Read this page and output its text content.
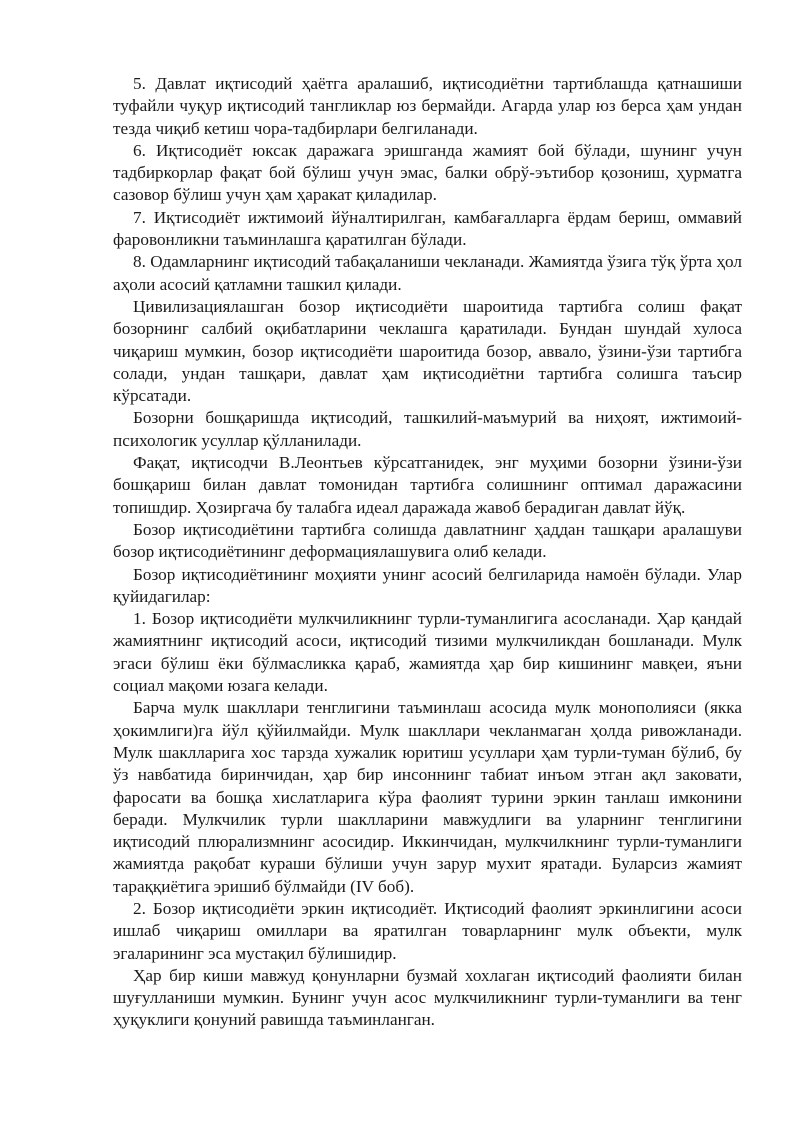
5. Давлат иқтисодий ҳаётга аралашиб, иқтисодиётни тартиблашда қатнашиши туфайли чуқур иқтисодий тангликлар юз бермайди. Агарда улар юз берса ҳам ундан тезда чиқиб кетиш чора-тадбирлари белгиланади.

6. Иқтисодиёт юксак даражага эришганда жамият бой бўлади, шунинг учун тадбиркорлар фақат бой бўлиш учун эмас, балки обрў-эътибор қозониш, ҳурматга сазовор бўлиш учун ҳам ҳаракат қиладилар.

7. Иқтисодиёт ижтимоий йўналтирилган, камбағалларга ёрдам бериш, оммавий фаровонликни таъминлашга қаратилган бўлади.

8. Одамларнинг иқтисодий табақаланиши чекланади. Жамиятда ўзига тўқ ўрта ҳол аҳоли асосий қатламни ташкил қилади.

Цивилизациялашган бозор иқтисодиёти шароитида тартибга солиш фақат бозорнинг салбий оқибатларини чеклашга қаратилади. Бундан шундай хулоса чиқариш мумкин, бозор иқтисодиёти шароитида бозор, аввало, ўзини-ўзи тартибга солади, ундан ташқари, давлат ҳам иқтисодиётни тартибга солишга таъсир кўрсатади.

Бозорни бошқаришда иқтисодий, ташкилий-маъмурий ва ниҳоят, ижтимоий-психологик усуллар қўлланилади.

Фақат, иқтисодчи В.Леонтьев кўрсатганидек, энг муҳими бозорни ўзини-ўзи бошқариш билан давлат томонидан тартибга солишнинг оптимал даражасини топишдир. Ҳозиргача бу талабга идеал даражада жавоб берадиган давлат йўқ.

Бозор иқтисодиётини тартибга солишда давлатнинг ҳаддан ташқари аралашуви бозор иқтисодиётининг деформациялашувига олиб келади.

Бозор иқтисодиётининг моҳияти унинг асосий белгиларида намоён бўлади. Улар қуйидагилар:

1. Бозор иқтисодиёти мулкчиликнинг турли-туманлигига асосланади. Ҳар қандай жамиятнинг иқтисодий асоси, иқтисодий тизими мулкчиликдан бошланади. Мулк эгаси бўлиш ёки бўлмасликка қараб, жамиятда ҳар бир кишининг мавқеи, яъни социал мақоми юзага келади.

Барча мулк шакллари тенглигини таъминлаш асосида мулк монополияси (якка ҳокимлиги)га йўл қўйилмайди. Мулк шакллари чекланмаган ҳолда ривожланади. Мулк шаклларига хос тарзда хужалик юритиш усуллари ҳам турли-туман бўлиб, бу ўз навбатида биринчидан, ҳар бир инсоннинг табиат инъом этган ақл заковати, фаросати ва бошқа хислатларига кўра фаолият турини эркин танлаш имконини беради. Мулкчилик турли шаклларини мавжудлиги ва уларнинг тенглигини иқтисодий плюрализмнинг асосидир. Иккинчидан, мулкчилкнинг турли-туманлиги жамиятда рақобат кураши бўлиши учун зарур мухит яратади. Буларсиз жамият тараққиётига эришиб бўлмайди (IV боб).

2. Бозор иқтисодиёти эркин иқтисодиёт. Иқтисодий фаолият эркинлигини асоси ишлаб чиқариш омиллари ва яратилган товарларнинг мулк объекти, мулк эгаларининг эса мустақил бўлишидир.

Ҳар бир киши мавжуд қонунларни бузмай хохлаган иқтисодий фаолияти билан шуғулланиши мумкин. Бунинг учун асос мулкчиликнинг турли-туманлиги ва тенг ҳуқуклиги қонуний равишда таъминланган.
